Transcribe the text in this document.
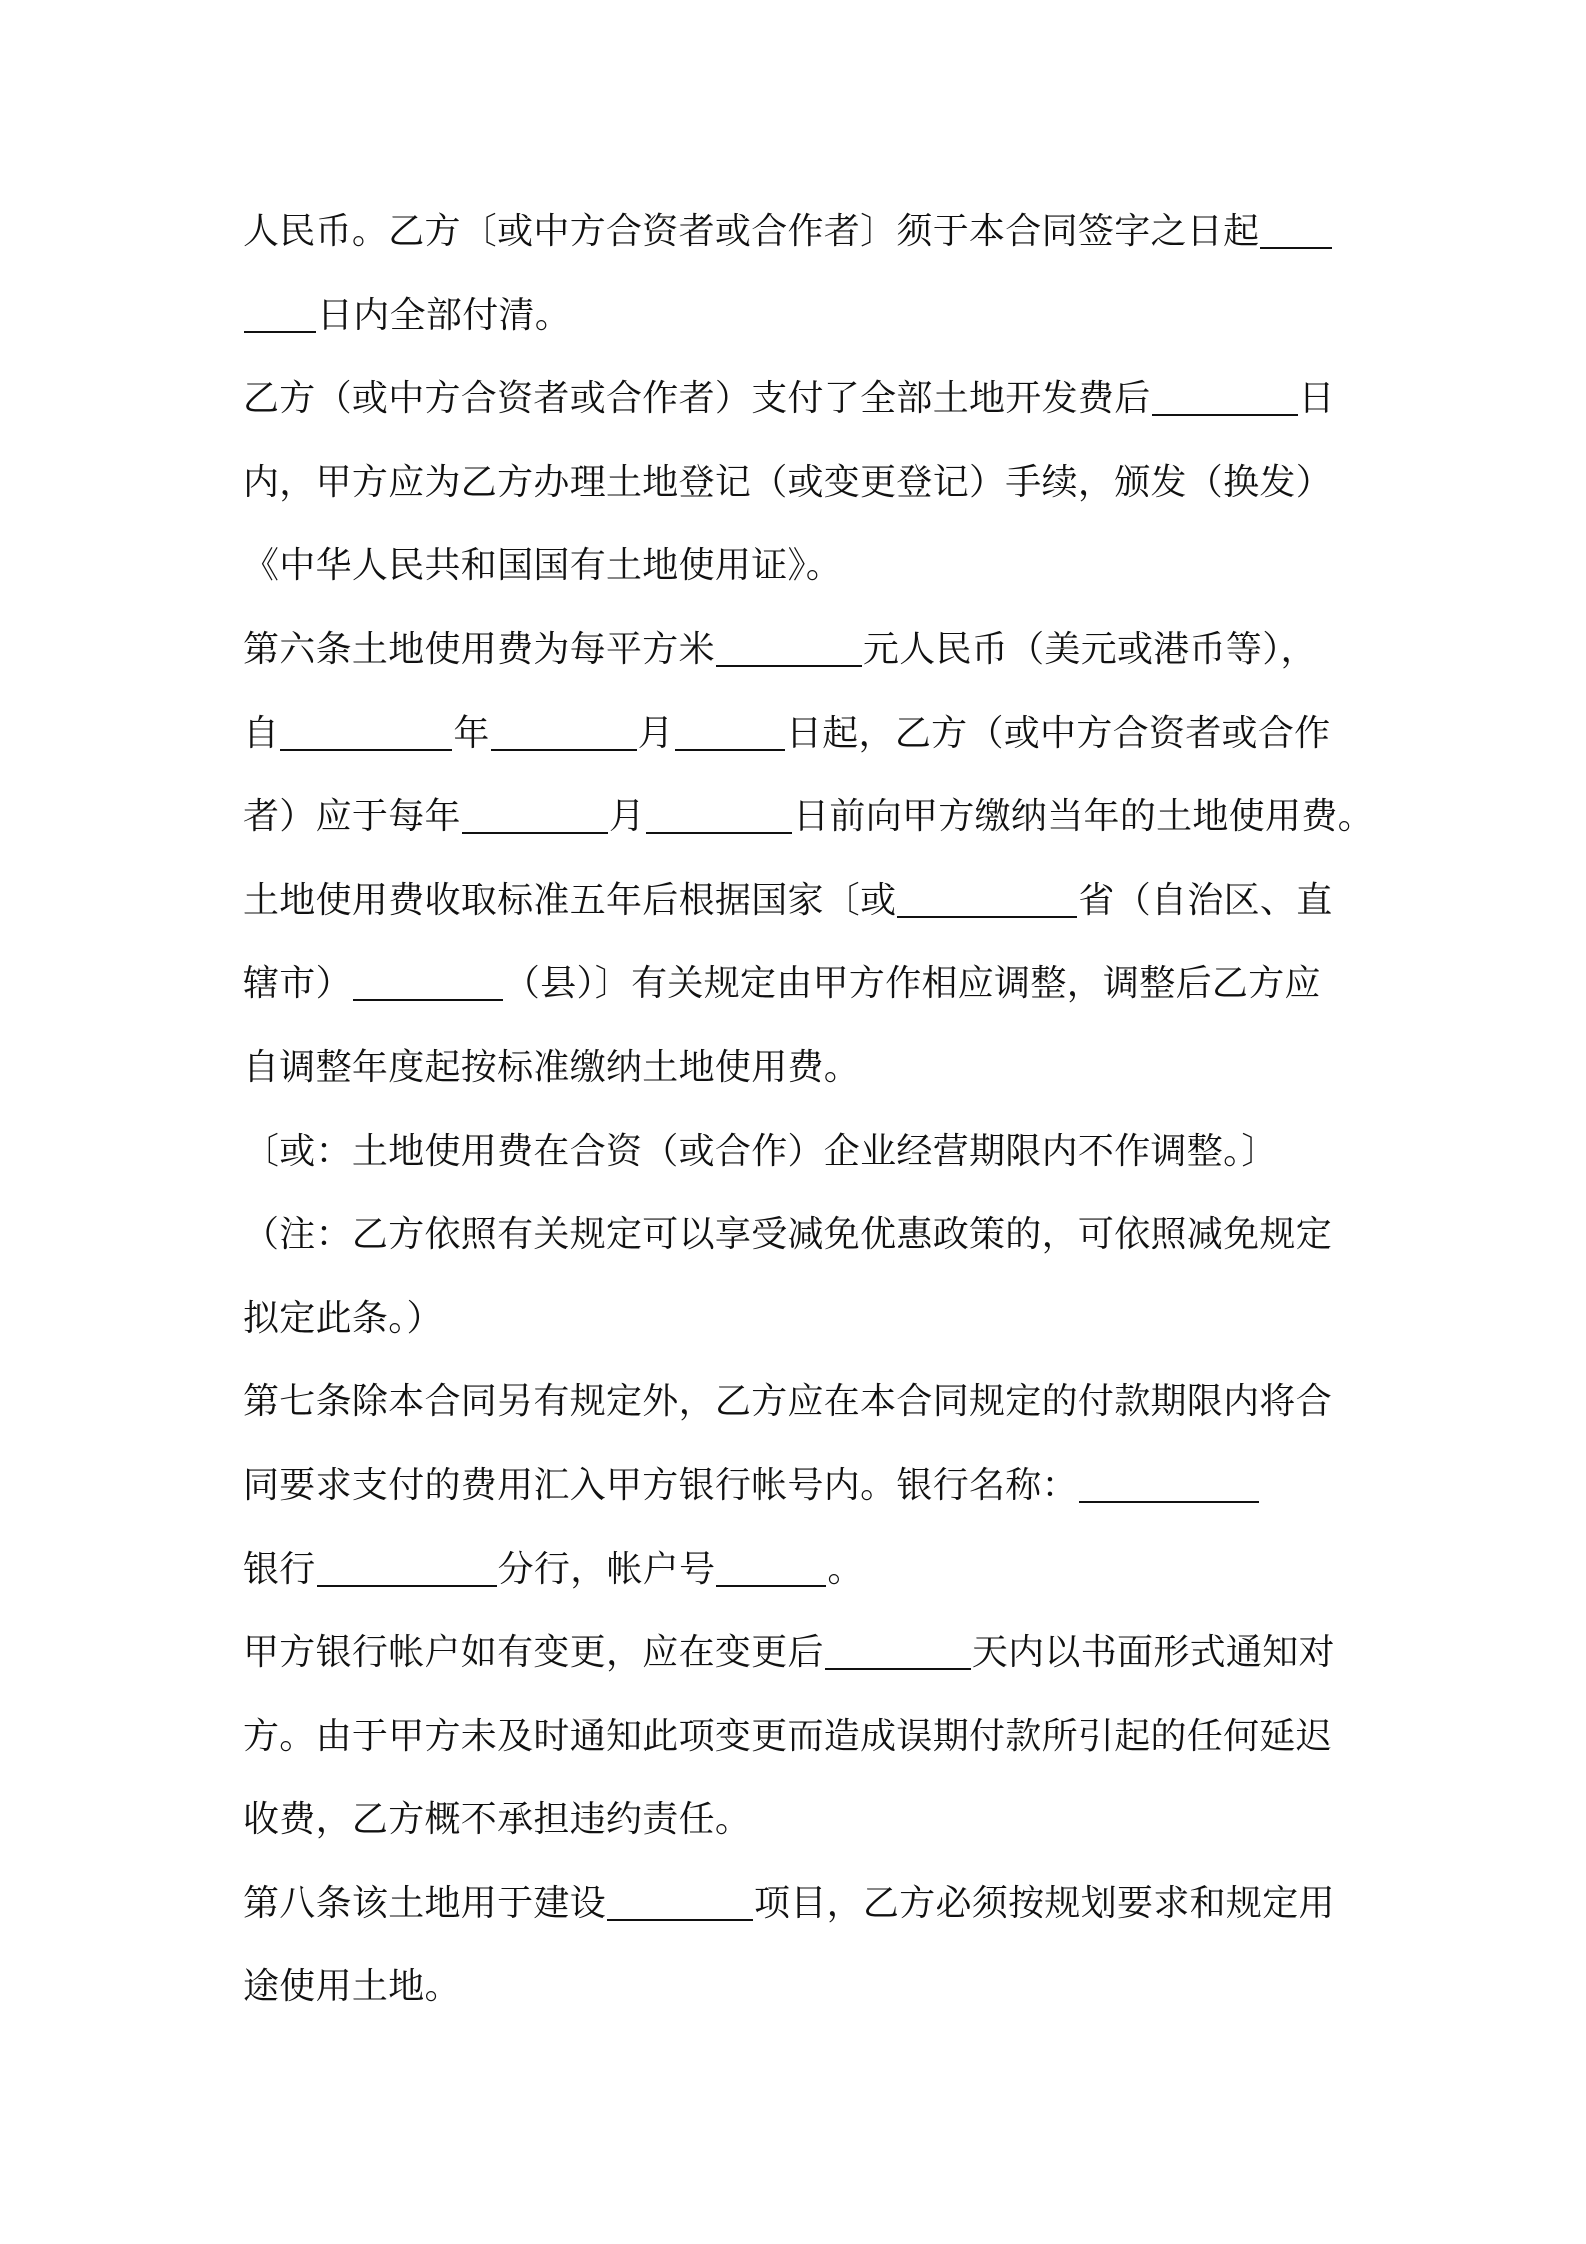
人民币。乙方〔或中方合资者或合作者〕须于本合同签字之日起
日内全部付清。
乙方（或中方合资者或合作者）支付了全部土地开发费后	日
内，甲方应为乙方办理土地登记（或变更登记）手续，颁发（换发）
《中华人民共和国国有土地使用证》。
第六条土地使用费为每平方米	元人民币（美元或港币等），
自	年	月	日起，乙方（或中方合资者或合作
者）应于每年	月	日前向甲方缴纳当年的土地使用费。
土地使用费收取标准五年后根据国家〔或	省（自治区、直
辖市）	（县）〕有关规定由甲方作相应调整，调整后乙方应
自调整年度起按标准缴纳土地使用费。
〔或：土地使用费在合资（或合作）企业经营期限内不作调整。〕
（注：乙方依照有关规定可以享受减免优惠政策的，可依照减免规定
拟定此条。）
第七条除本合同另有规定外，乙方应在本合同规定的付款期限内将合
同要求支付的费用汇入甲方银行帐号内。银行名称：
银行	分行，帐户号	。
甲方银行帐户如有变更，应在变更后	天内以书面形式通知对
方。由于甲方未及时通知此项变更而造成误期付款所引起的任何延迟
收费，乙方概不承担违约责任。
第八条该土地用于建设	项目，乙方必须按规划要求和规定用
途使用土地。
